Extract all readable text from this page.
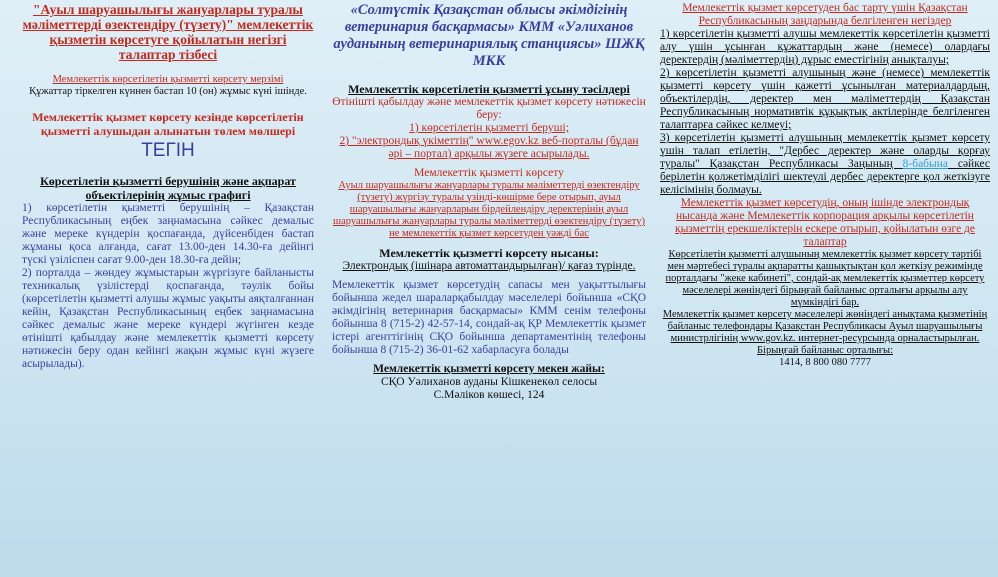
"Ауыл шаруашылығы жануарлары туралы мәліметтерді өзектендіру (түзету)" мемлекеттік қызметін көрсетуге қойылатын негізгі талаптар тізбесі

Мемлекеттік көрсетілетін қызметті көрсету мерзімі

Құжаттар тіркелген күннен бастап 10 (он) жұмыс күні ішінде.

Мемлекеттік қызмет көрсету кезінде көрсетілетін қызметті алушыдан алынатын төлем мөлшері

ТЕГІН

Көрсетілетін қызметті берушінің және ақпарат объектілерінің жұмыс графигі

1) көрсетілетін қызметті берушінің – Қазақстан Республикасының еңбек заңнамасына сәйкес демалыс және мереке күндерін қоспағанда, дүйсенбіден бастап жұманы қоса алғанда, сағат 13.00-ден 14.30-ға дейінгі түскі үзіліспен сағат 9.00-ден 18.30-ға дейін;

2) порталда – жөндеу жұмыстарын жүргізуге байланысты техникалық үзілістерді қоспағанда, тәулік бойы (көрсетілетін қызметті алушы жұмыс уақыты аяқталғаннан кейін, Қазақстан Республикасының еңбек заңнамасына сәйкес демалыс және мереке күндері жүгінген кезде өтінішті қабылдау және мемлекеттік қызметті көрсету нәтижесін беру одан кейінгі жақын жұмыс күні жүзеге асырылады).

«Солтүстік Қазақстан облысы әкімдігінің ветеринария басқармасы» КММ «Уәлиханов ауданының ветеринариялық станциясы» ШЖҚ МКК

Мемлекеттік көрсетілетін қызметті ұсыну тәсілдері

Өтінішті қабылдау және мемлекеттік қызмет көрсету нәтижесін беру:

1) көрсетілетін қызметті беруші;

2) "электрондық үкіметтің" www.egov.kz веб-порталы (бұдан әрі – портал) арқылы жүзеге асырылады.

Мемлекеттік қызметті көрсету

Ауыл шаруашылығы жануарлары туралы мәліметтерді өзектендіру (түзету) жүргізу туралы үзінді-көшірме бере отырып, ауыл шаруашылығы жануарларын бірдейлендіру деректерінің ауыл шаруашылығы жануарлары туралы мәліметтерді өзектендіру (түзету) не мемлекеттік қызмет көрсетуден уәжді бас

Мемлекеттік қызметті көрсету нысаны:

Электрондық (ішінара автоматтандырылған)/ қағаз түрінде.

Мемлекеттік қызмет көрсетудің сапасы мен уақыттылығы бойынша жедел шараларқабылдау мәселелері бойынша «СҚО әкімдігінің ветеринария басқармасы» КММ сенім телефоны бойынша 8 (715-2) 42-57-14, сондай-ақ ҚР Мемлекеттік қызмет істері агенттігінің СҚО бойынша департаментінің телефоны бойынша 8 (715-2) 36-01-62 хабарласуға болады

Мемлекеттік қызметті көрсету мекен жайы:

СҚО Уәлиханов ауданы Кішкенекөл селосы

С.Мәліков көшесі, 124

Мемлекеттік қызмет көрсетуден бас тарту үшін Қазақстан Республикасының заңдарында белгіленген негіздер

1) көрсетілетін қызметті алушы мемлекеттік көрсетілетін қызметті алу үшін ұсынған құжаттардың және (немесе) олардағы деректердің (мәліметтердің) дұрыс еместігінің анықталуы;

2) көрсетілетін қызметті алушының және (немесе) мемлекеттік қызметті көрсету үшін қажетті ұсынылған материалдардың, объектілердің, деректер мен мәліметтердің Қазақстан Республикасының нормативтік құқықтық актілерінде белгіленген талаптарға сәйкес келмеуі;

3) көрсетілетін қызметті алушының мемлекеттік қызмет көрсету үшін талап етілетін, "Дербес деректер және оларды қорғау туралы" Қазақстан Республикасы Заңының 8-бабына сәйкес берілетін қолжетімділігі шектеулі дербес деректерге қол жеткізуге келісімінің болмауы.

Мемлекеттік қызмет көрсетудің, оның ішінде электрондық нысанда және Мемлекеттік корпорация арқылы көрсетілетін қызметтің ерекшеліктерін ескере отырып, қойылатын өзге де талаптар

Көрсетілетін қызметті алушының мемлекеттік қызмет көрсету тәртібі мен мәртебесі туралы ақпаратты қашықтықтан қол жеткізу режимінде порталдағы "жеке кабинеті", сондай-ақ мемлекеттік қызметтер көрсету мәселелері жөніндегі бірыңғай байланыс орталығы арқылы алу мүмкіндігі бар.

Мемлекеттік қызмет көрсету мәселелері жөніндегі анықтама қызметінің байланыс телефондары Қазақстан Республикасы Ауыл шаруашылығы министрлігінің www.gov.kz. интернет-ресурсында орналастырылған. Бірыңғай байланыс орталығы:

1414, 8 800 080 7777
